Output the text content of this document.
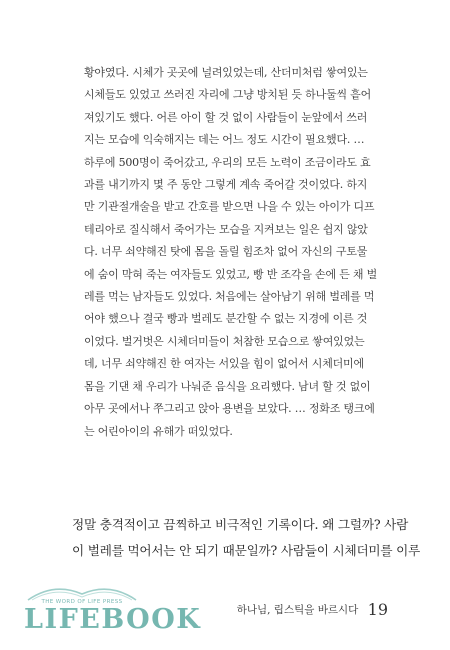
황야였다. 시체가 곳곳에 널려있었는데, 산더미처럼 쌓여있는
시체들도 있었고 쓰러진 자리에 그냥 방치된 듯 하나둘씩 흩어
져있기도 했다. 어른 아이 할 것 없이 사람들이 눈앞에서 쓰러
지는 모습에 익숙해지는 데는 어느 정도 시간이 필요했다. …
하루에 500명이 죽어갔고, 우리의 모든 노력이 조금이라도 효
과를 내기까지 몇 주 동안 그렇게 계속 죽어갈 것이었다. 하지
만 기관절개술을 받고 간호를 받으면 나을 수 있는 아이가 디프
테리아로 질식해서 죽어가는 모습을 지켜보는 일은 쉽지 않았
다. 너무 쇠약해진 탓에 몸을 돌릴 힘조차 없어 자신의 구토물
에 숨이 막혀 죽는 여자들도 있었고, 빵 반 조각을 손에 든 채 벌
레를 먹는 남자들도 있었다. 처음에는 살아남기 위해 벌레를 먹
어야 했으나 결국 빵과 벌레도 분간할 수 없는 지경에 이른 것
이었다. 벌거벗은 시체더미들이 처참한 모습으로 쌓여있었는
데, 너무 쇠약해진 한 여자는 서있을 힘이 없어서 시체더미에
몸을 기댄 채 우리가 나눠준 음식을 요리했다. 남녀 할 것 없이
아무 곳에서나 쭈그리고 앉아 용변을 보았다. … 정화조 탱크에
는 어린아이의 유해가 떠있었다.
정말 충격적이고 끔찍하고 비극적인 기록이다. 왜 그럴까? 사람
이 벌레를 먹어서는 안 되기 때문일까? 사람들이 시체더미를 이루
THE WORD OF LIFE PRESS
LIFEBOOK	하나님, 립스틱을 바르시다 19
